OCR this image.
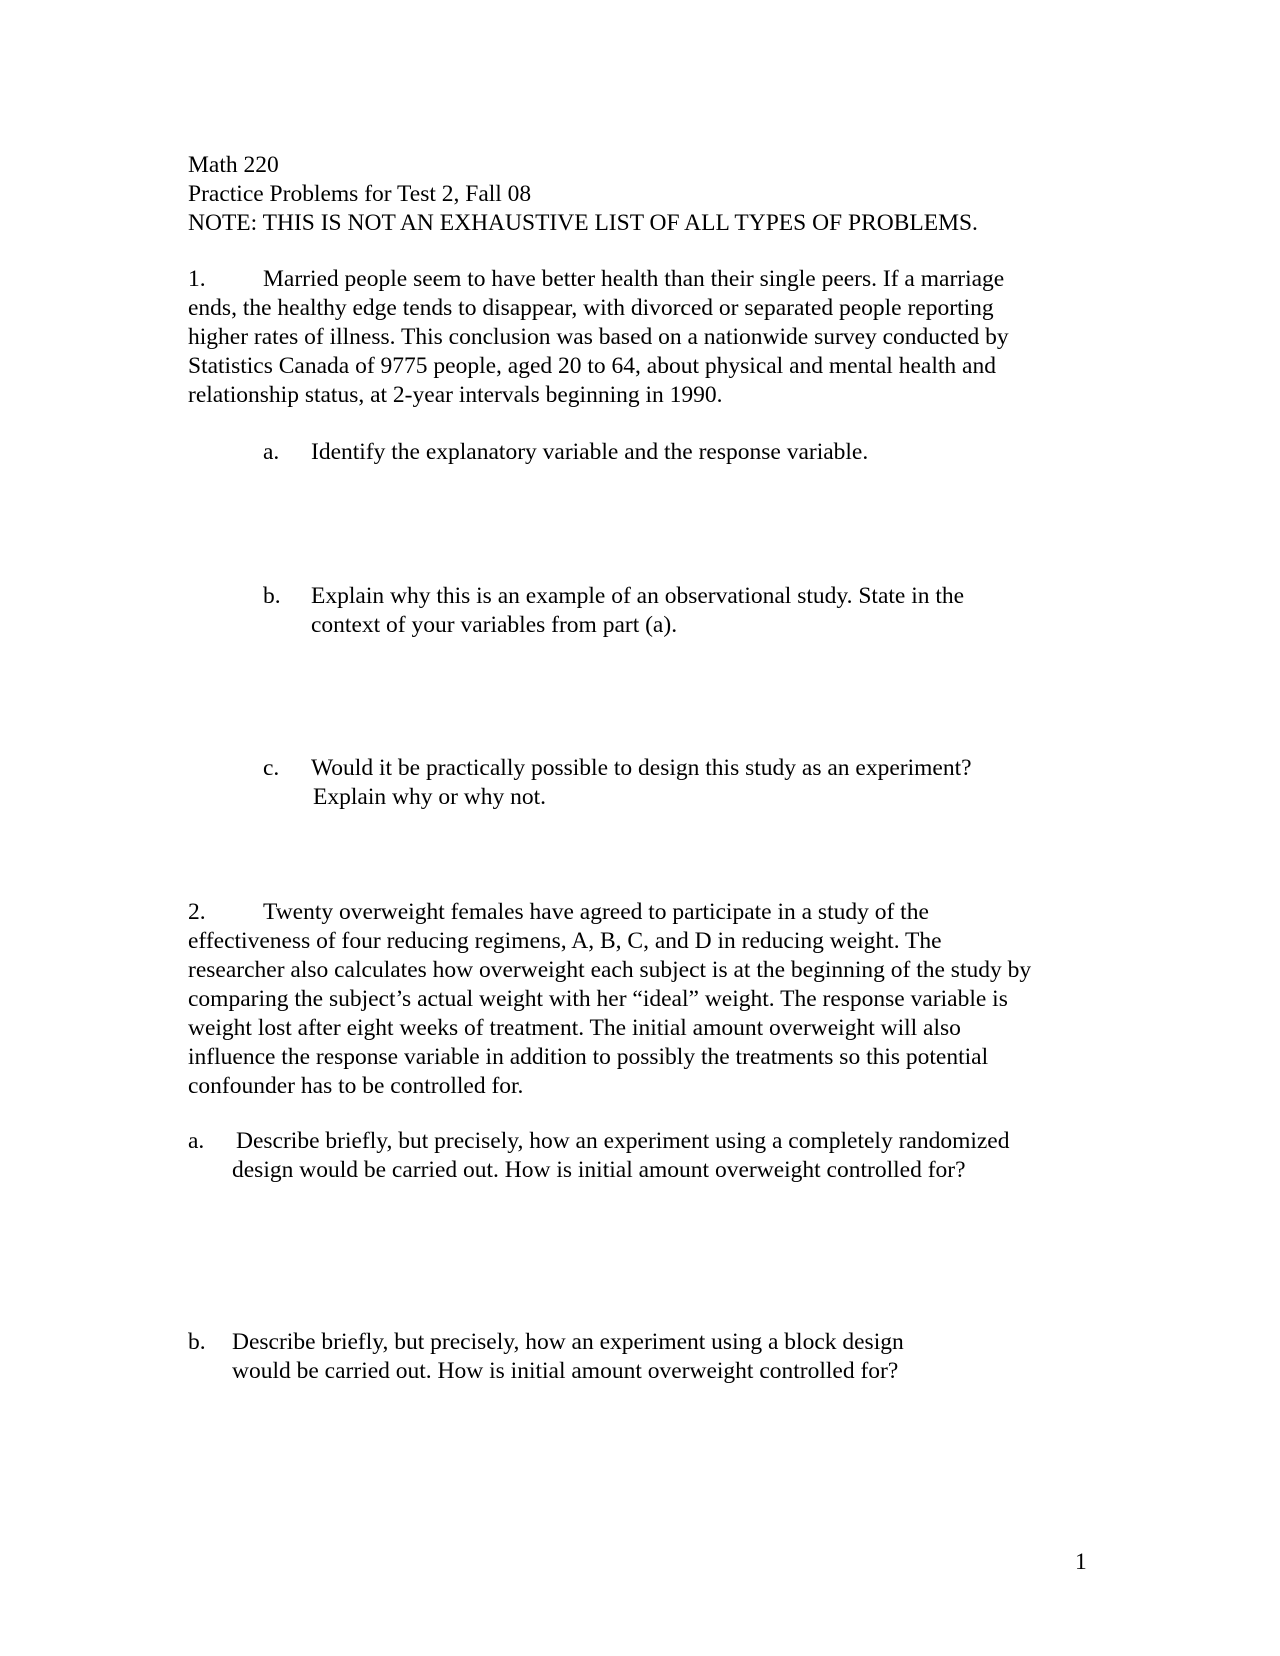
Math 220
Practice Problems for Test 2, Fall 08
NOTE: THIS IS NOT AN EXHAUSTIVE LIST OF ALL TYPES OF PROBLEMS.
1. Married people seem to have better health than their single peers. If a marriage
ends, the healthy edge tends to disappear, with divorced or separated people reporting
higher rates of illness. This conclusion was based on a nationwide survey conducted by
Statistics Canada of 9775 people, aged 20 to 64, about physical and mental health and
relationship status, at 2-year intervals beginning in 1990.
a. Identify the explanatory variable and the response variable.
b. Explain why this is an example of an observational study. State in the
context of your variables from part (a).
c. Would it be practically possible to design this study as an experiment?
Explain why or why not.
2. Twenty overweight females have agreed to participate in a study of the
effectiveness of four reducing regimens, A, B, C, and D in reducing weight. The
researcher also calculates how overweight each subject is at the beginning of the study by
comparing the subject’s actual weight with her “ideal” weight. The response variable is
weight lost after eight weeks of treatment. The initial amount overweight will also
influence the response variable in addition to possibly the treatments so this potential
confounder has to be controlled for.
a. Describe briefly, but precisely, how an experiment using a completely randomized
design would be carried out. How is initial amount overweight controlled for?
b. Describe briefly, but precisely, how an experiment using a block design
would be carried out. How is initial amount overweight controlled for?
1
